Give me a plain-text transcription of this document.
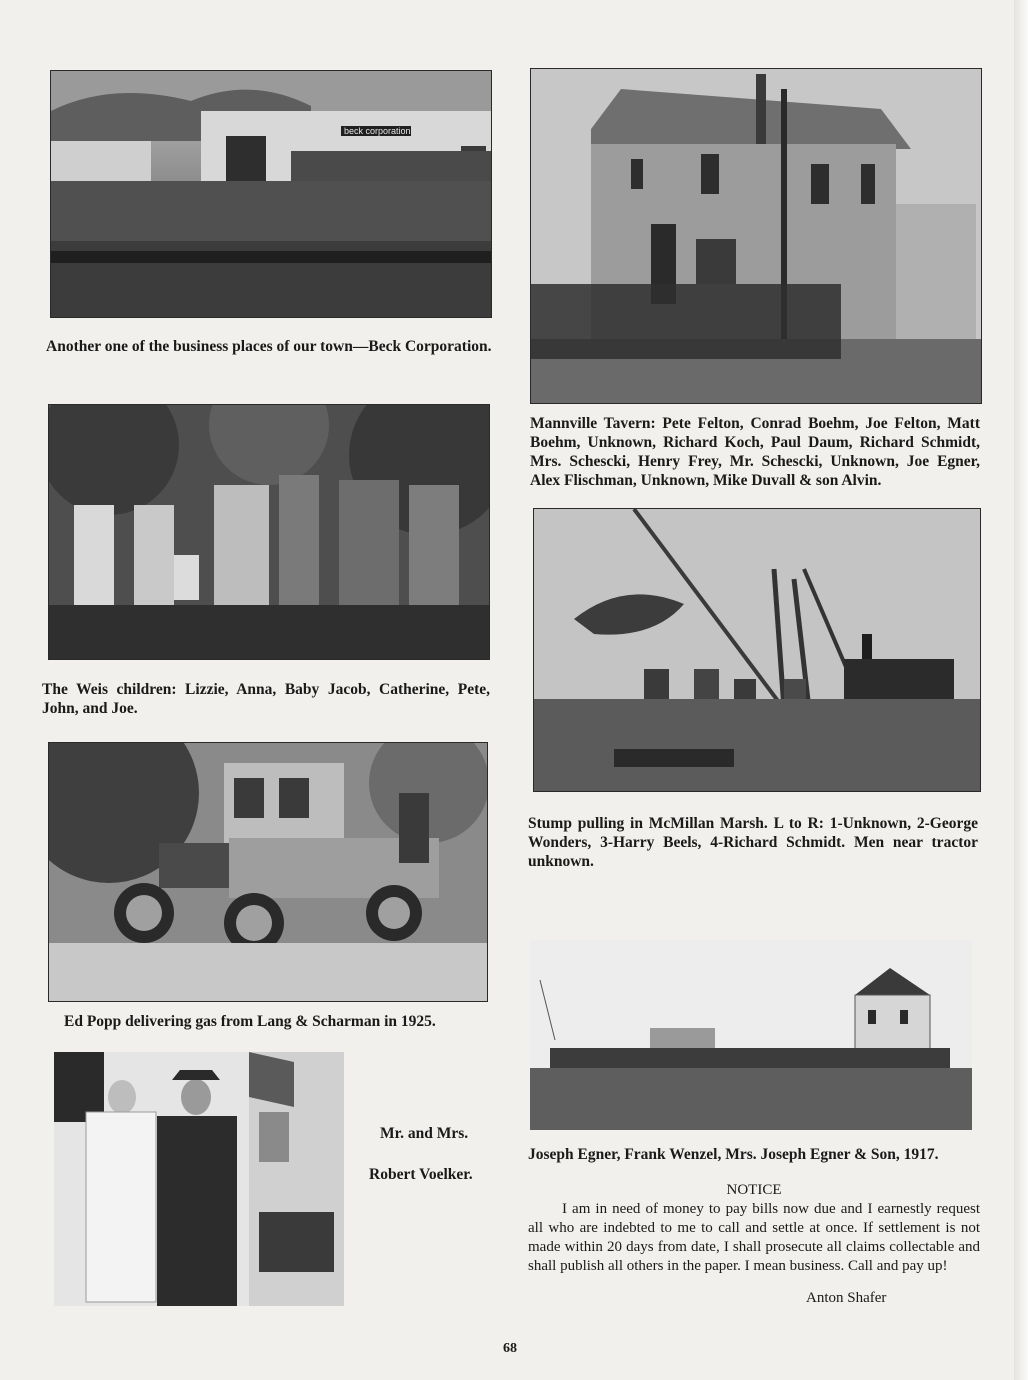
beck corporation

Another one of the business places of our town—Beck Corporation.

Mannville Tavern: Pete Felton, Conrad Boehm, Joe Felton, Matt Boehm, Unknown, Richard Koch, Paul Daum, Richard Schmidt, Mrs. Schescki, Henry Frey, Mr. Schescki, Unknown, Joe Egner, Alex Flischman, Unknown, Mike Duvall & son Alvin.

The Weis children: Lizzie, Anna, Baby Jacob, Catherine, Pete, John, and Joe.

Stump pulling in McMillan Marsh. L to R: 1-Unknown, 2-George Wonders, 3-Harry Beels, 4-Richard Schmidt. Men near tractor unknown.

Ed Popp delivering gas from Lang & Scharman in 1925.

Mr. and Mrs.

Robert Voelker.

Joseph Egner, Frank Wenzel, Mrs. Joseph Egner & Son, 1917.

NOTICE

I am in need of money to pay bills now due and I earnestly request all who are indebted to me to call and settle at once. If settlement is not made within 20 days from date, I shall prosecute all claims collectable and shall publish all others in the paper. I mean business. Call and pay up!

Anton Shafer

68
